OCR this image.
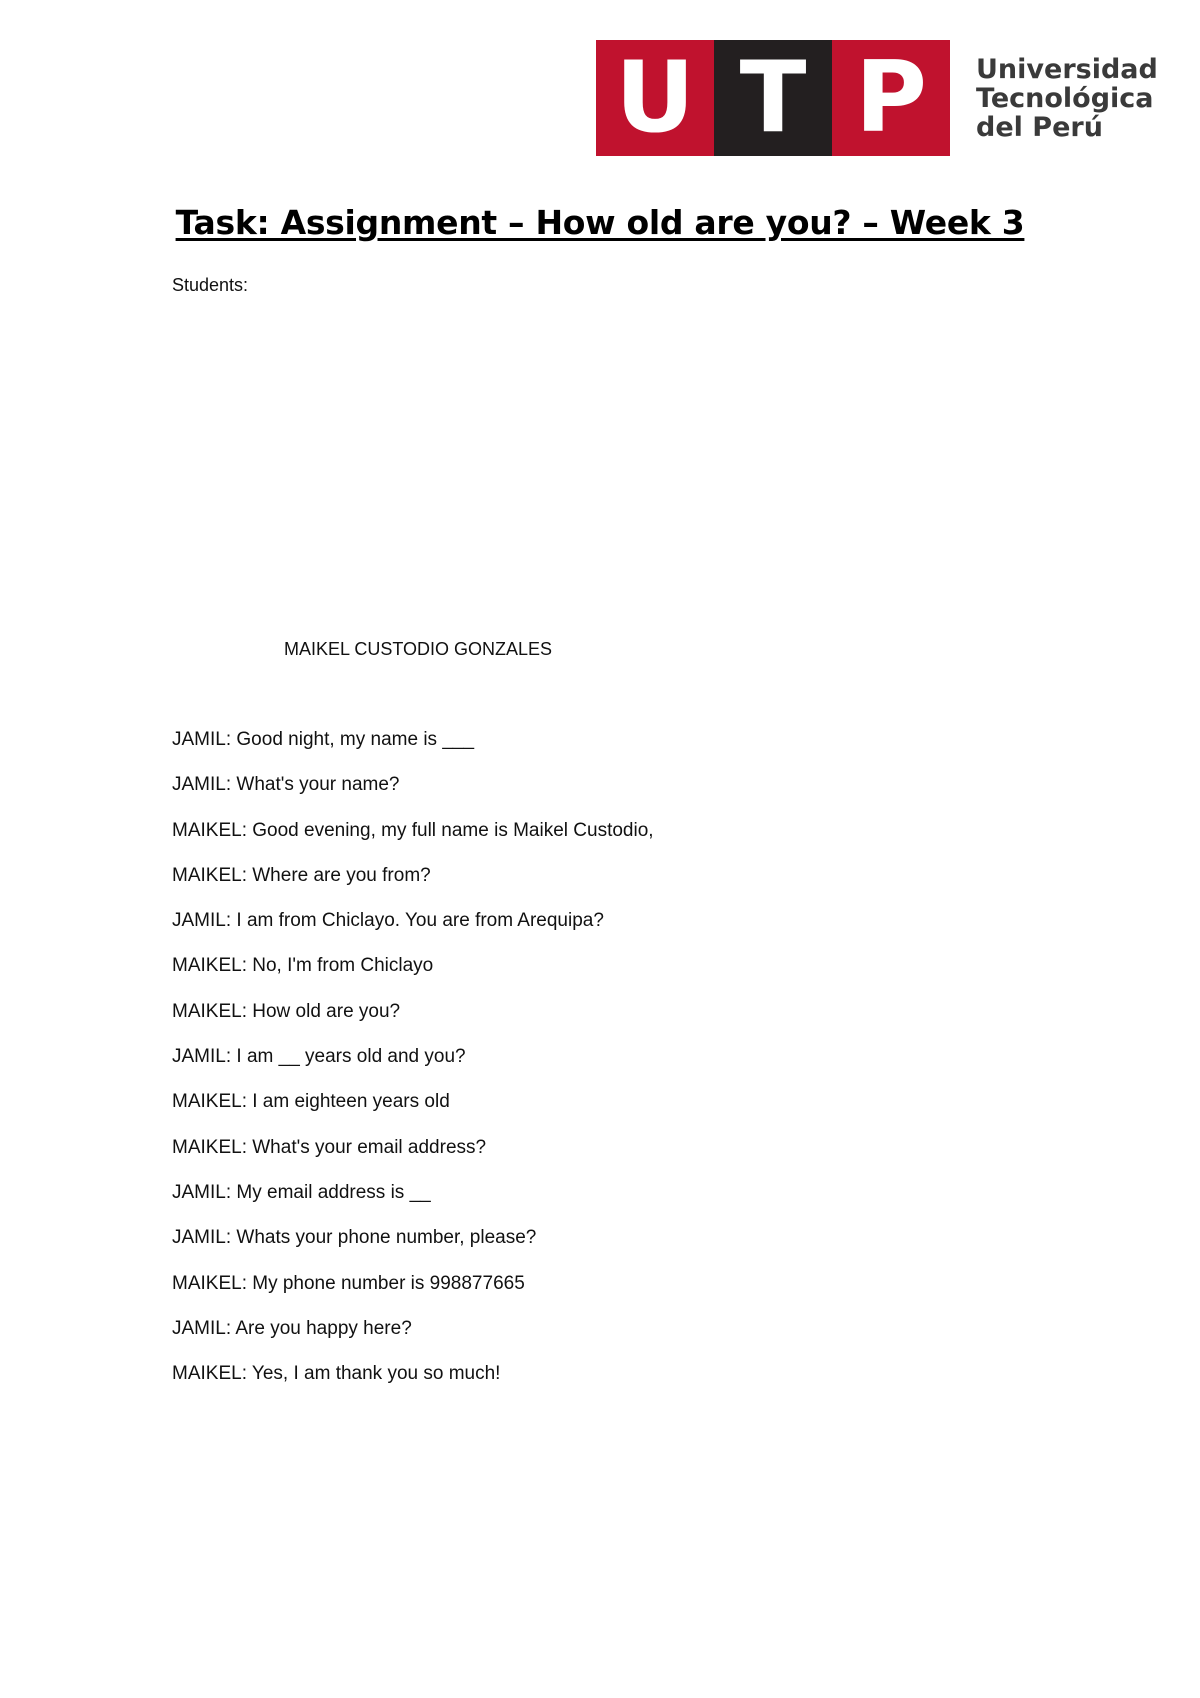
U T P	Universidad
Tecnológica
del Perú
Task: Assignment – How old are you? – Week 3
Students:
MAIKEL CUSTODIO GONZALES
JAMIL: Good night, my name is ___
JAMIL: What's your name?
MAIKEL: Good evening, my full name is Maikel Custodio,
MAIKEL: Where are you from?
JAMIL: I am from Chiclayo. You are from Arequipa?
MAIKEL: No, I'm from Chiclayo
MAIKEL: How old are you?
JAMIL: I am __ years old and you?
MAIKEL: I am eighteen years old
MAIKEL: What's your email address?
JAMIL: My email address is __
JAMIL: Whats your phone number, please?
MAIKEL: My phone number is 998877665
JAMIL: Are you happy here?
MAIKEL: Yes, I am thank you so much!
